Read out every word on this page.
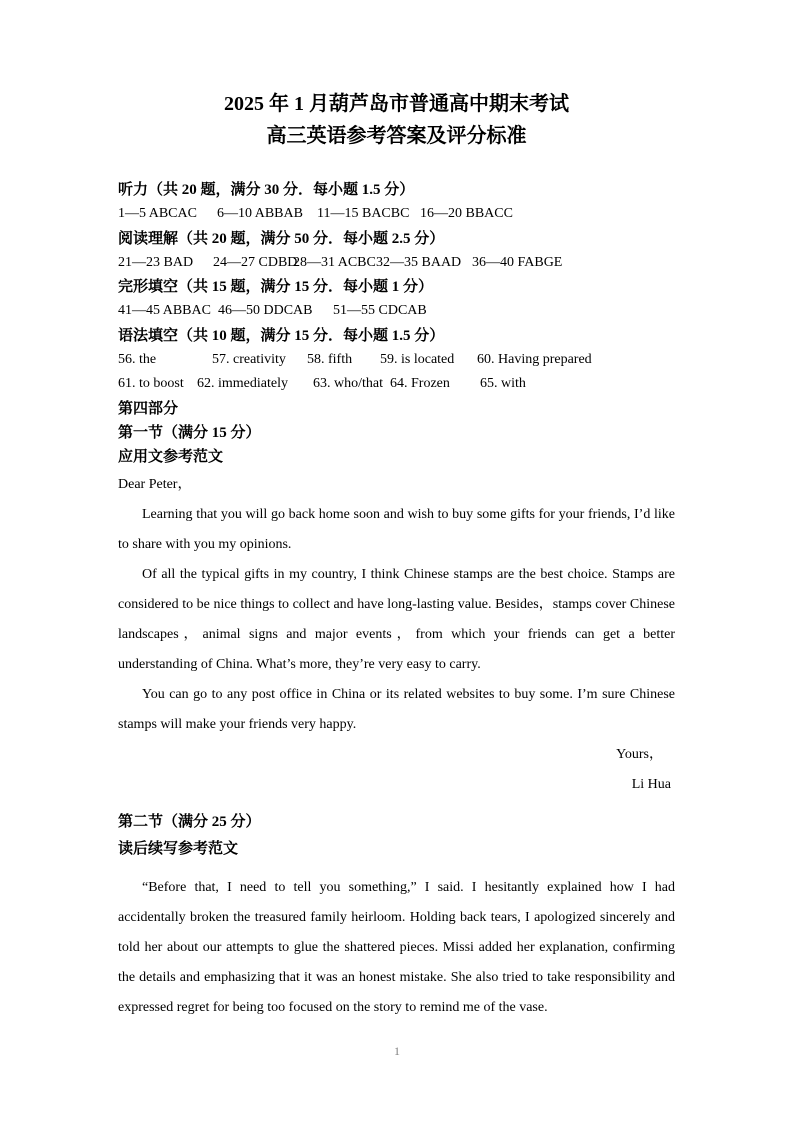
2025 年 1 月葫芦岛市普通高中期末考试
高三英语参考答案及评分标准
听力（共 20 题，满分 30 分．每小题 1.5 分）
1—5 ABCAC	6—10 ABBAB	11—15 BACBC 16—20 BBACC
阅读理解（共 20 题，满分 50 分．每小题 2.5 分）
21—23 BAD	24—27 CDBD
28—31 ACBC 32—35 BAAD 36—40 FABGE
完形填空（共 15 题，满分 15 分．每小题 1 分）
41—45 ABBAC 46—50 DDCAB	51—55 CDCAB
语法填空（共 10 题，满分 15 分．每小题 1.5 分）
56. the	57. creativity	58. fifth	59. is located	60. Having prepared
61. to boost 62. immediately	63. who/that 64. Frozen	65. with
第四部分
第一节（满分 15 分）
应用文参考范文

Dear Peter，

Learning that you will go back home soon and wish to buy some gifts for your friends, I’d like to share with you my opinions.

Of all the typical gifts in my country, I think Chinese stamps are the best choice. Stamps are considered to be nice things to collect and have long-lasting value. Besides，stamps cover Chinese landscapes，animal signs and major events，from which your friends can get a better understanding of China. What’s more, they’re very easy to carry.

You can go to any post office in China or its related websites to buy some. I’m sure Chinese stamps will make your friends very happy.

Yours，
Li Hua
第二节（满分 25 分）
读后续写参考范文

“Before that, I need to tell you something,” I said. I hesitantly explained how I had accidentally broken the treasured family heirloom. Holding back tears, I apologized sincerely and told her about our attempts to glue the shattered pieces. Missi added her explanation, confirming the details and emphasizing that it was an honest mistake. She also tried to take responsibility and expressed regret for being too focused on the story to remind me of the vase.

1
